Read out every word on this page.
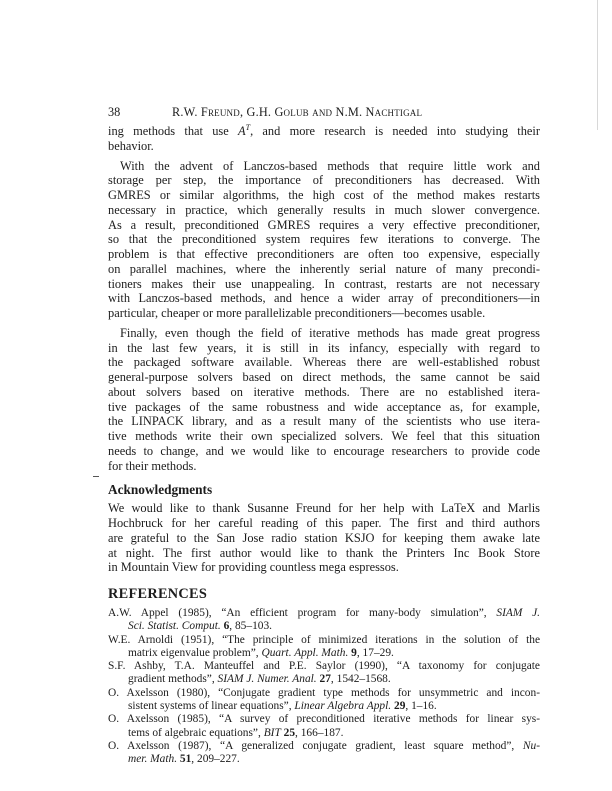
38	R.W. Freund, G.H. Golub and N.M. Nachtigal
ing methods that use $A^T$, and more research is needed into studying their
behavior.
With the advent of Lanczos-based methods that require little work and
storage per step, the importance of preconditioners has decreased. With
GMRES or similar algorithms, the high cost of the method makes restarts
necessary in practice, which generally results in much slower convergence.
As a result, preconditioned GMRES requires a very effective preconditioner,
so that the preconditioned system requires few iterations to converge. The
problem is that effective preconditioners are often too expensive, especially
on parallel machines, where the inherently serial nature of many precondi-
tioners makes their use unappealing. In contrast, restarts are not necessary
with Lanczos-based methods, and hence a wider array of preconditioners—in
particular, cheaper or more parallelizable preconditioners—becomes usable.
Finally, even though the field of iterative methods has made great progress
in the last few years, it is still in its infancy, especially with regard to
the packaged software available. Whereas there are well-established robust
general-purpose solvers based on direct methods, the same cannot be said
about solvers based on iterative methods. There are no established itera-
tive packages of the same robustness and wide acceptance as, for example,
the LINPACK library, and as a result many of the scientists who use itera-
tive methods write their own specialized solvers. We feel that this situation
needs to change, and we would like to encourage researchers to provide code
for their methods.
Acknowledgments
We would like to thank Susanne Freund for her help with LaTeX and Marlis
Hochbruck for her careful reading of this paper. The first and third authors
are grateful to the San Jose radio station KSJO for keeping them awake late
at night. The first author would like to thank the Printers Inc Book Store
in Mountain View for providing countless mega espressos.
REFERENCES
A.W. Appel (1985), “An efficient program for many-body simulation”, SIAM J.
Sci. Statist. Comput. 6, 85–103.
W.E. Arnoldi (1951), “The principle of minimized iterations in the solution of the
matrix eigenvalue problem”, Quart. Appl. Math. 9, 17–29.
S.F. Ashby, T.A. Manteuffel and P.E. Saylor (1990), “A taxonomy for conjugate
gradient methods”, SIAM J. Numer. Anal. 27, 1542–1568.
O. Axelsson (1980), “Conjugate gradient type methods for unsymmetric and incon-
sistent systems of linear equations”, Linear Algebra Appl. 29, 1–16.
O. Axelsson (1985), “A survey of preconditioned iterative methods for linear sys-
tems of algebraic equations”, BIT 25, 166–187.
O. Axelsson (1987), “A generalized conjugate gradient, least square method”, Nu-
mer. Math. 51, 209–227.
